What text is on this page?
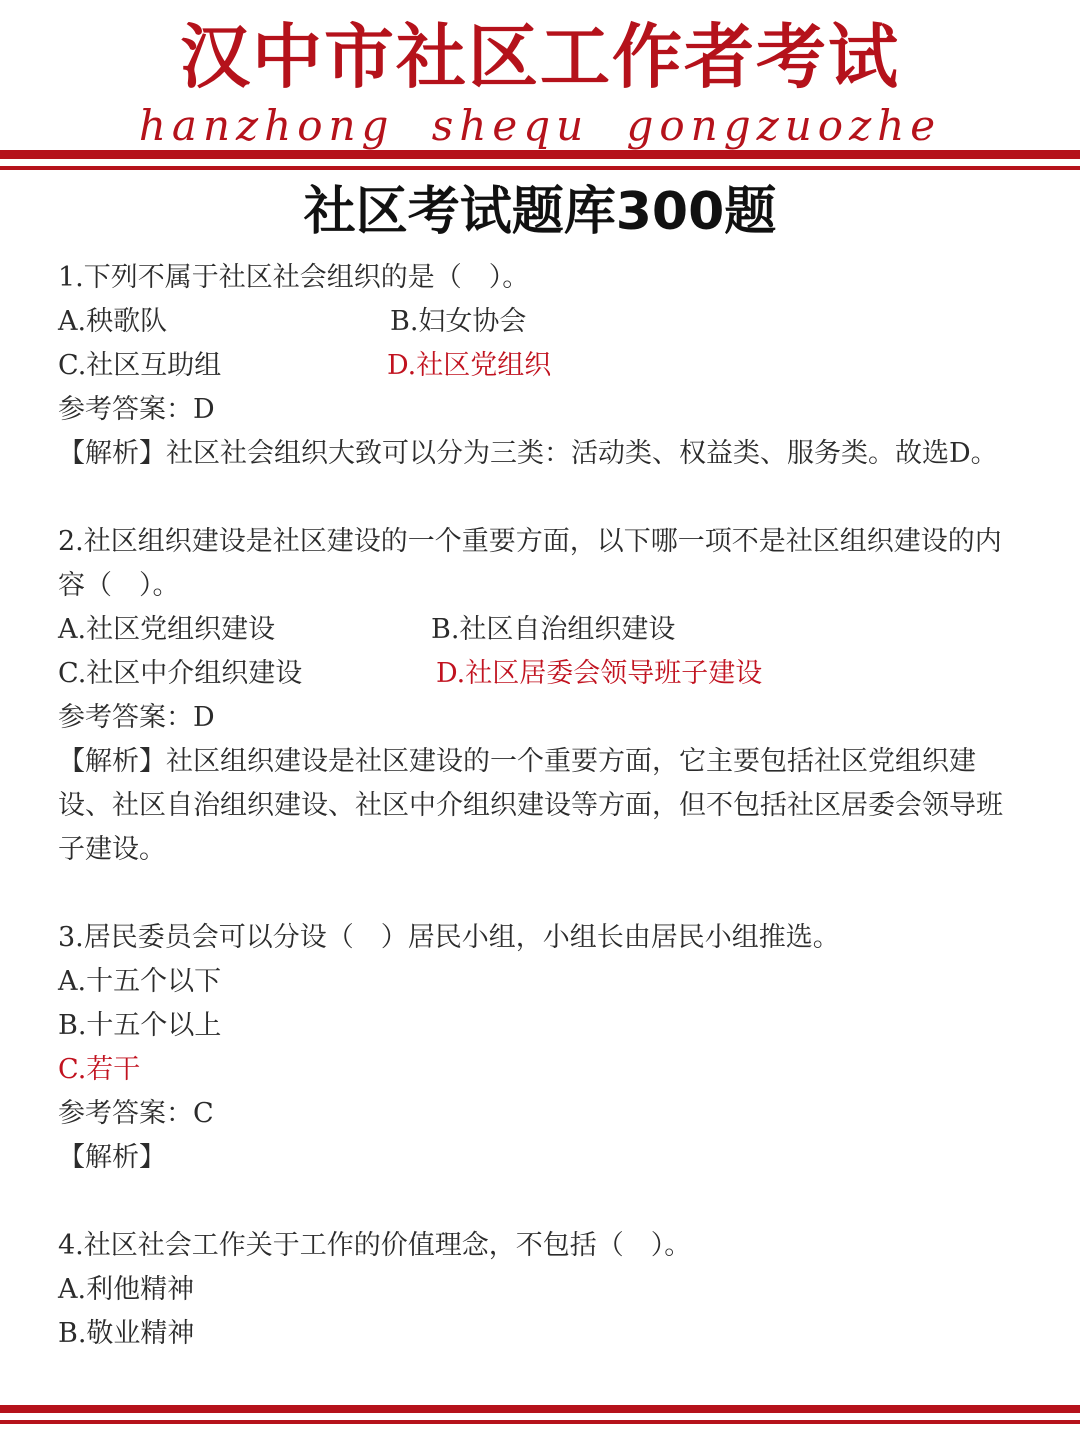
汉中市社区工作者考试
hanzhong shequ gongzuozhe
社区考试题库300题
1.下列不属于社区社会组织的是（　）。
A.秧歌队	B.妇女协会
C.社区互助组	D.社区党组织
参考答案：D
【解析】社区社会组织大致可以分为三类：活动类、权益类、服务类。故选D。
2.社区组织建设是社区建设的一个重要方面，以下哪一项不是社区组织建设的内容（　）。
A.社区党组织建设	B.社区自治组织建设
C.社区中介组织建设	D.社区居委会领导班子建设
参考答案：D
【解析】社区组织建设是社区建设的一个重要方面，它主要包括社区党组织建设、社区自治组织建设、社区中介组织建设等方面，但不包括社区居委会领导班子建设。
3.居民委员会可以分设（　）居民小组，小组长由居民小组推选。
A.十五个以下
B.十五个以上
C.若干
参考答案：C
【解析】
4.社区社会工作关于工作的价值理念，不包括（　）。
A.利他精神
B.敬业精神
